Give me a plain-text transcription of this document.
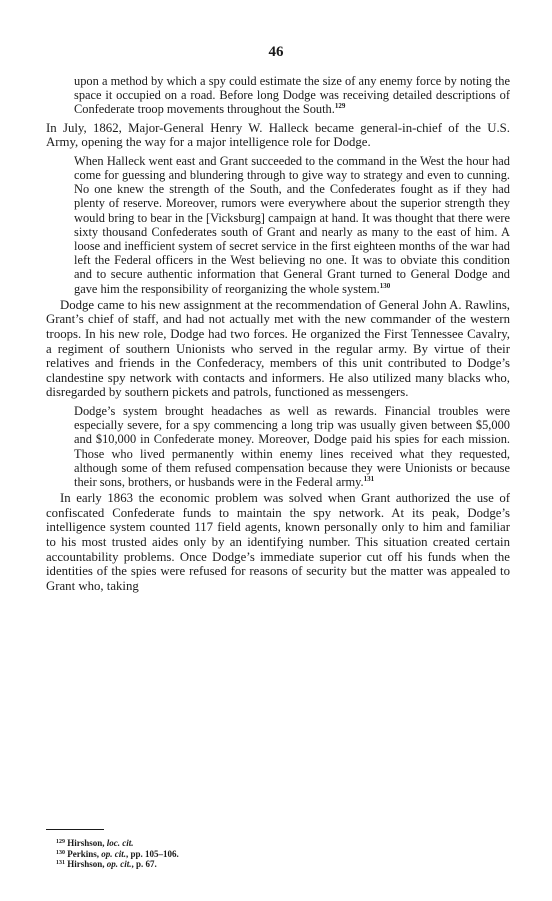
46

upon a method by which a spy could estimate the size of any enemy force by noting the space it occupied on a road. Before long Dodge was receiving detailed descriptions of Confederate troop movements throughout the South.$^{129}$

In July, 1862, Major-General Henry W. Halleck became general-in-chief of the U.S. Army, opening the way for a major intelligence role for Dodge.

When Halleck went east and Grant succeeded to the command in the West the hour had come for guessing and blundering through to give way to strategy and even to cunning. No one knew the strength of the South, and the Confederates fought as if they had plenty of reserve. Moreover, rumors were everywhere about the superior strength they would bring to bear in the [Vicksburg] campaign at hand. It was thought that there were sixty thousand Confederates south of Grant and nearly as many to the east of him. A loose and inefficient system of secret service in the first eighteen months of the war had left the Federal officers in the West believing no one. It was to obviate this condition and to secure authentic information that General Grant turned to General Dodge and gave him the responsibility of reorganizing the whole system.$^{130}$

Dodge came to his new assignment at the recommendation of General John A. Rawlins, Grant’s chief of staff, and had not actually met with the new commander of the western troops. In his new role, Dodge had two forces. He organized the First Tennessee Cavalry, a regiment of southern Unionists who served in the regular army. By virtue of their relatives and friends in the Confederacy, members of this unit contributed to Dodge’s clandestine spy network with contacts and informers. He also utilized many blacks who, disregarded by southern pickets and patrols, functioned as messengers.

Dodge’s system brought headaches as well as rewards. Financial troubles were especially severe, for a spy commencing a long trip was usually given between $5,000 and $10,000 in Confederate money. Moreover, Dodge paid his spies for each mission. Those who lived permanently within enemy lines received what they requested, although some of them refused compensation because they were Unionists or because their sons, brothers, or husbands were in the Federal army.$^{131}$

In early 1863 the economic problem was solved when Grant authorized the use of confiscated Confederate funds to maintain the spy network. At its peak, Dodge’s intelligence system counted 117 field agents, known personally only to him and familiar to his most trusted aides only by an identifying number. This situation created certain accountability problems. Once Dodge’s immediate superior cut off his funds when the identities of the spies were refused for reasons of security but the matter was appealed to Grant who, taking

$^{129}$ Hirshson, loc. cit.
$^{130}$ Perkins, op. cit., pp. 105–106.
$^{131}$ Hirshson, op. cit., p. 67.
